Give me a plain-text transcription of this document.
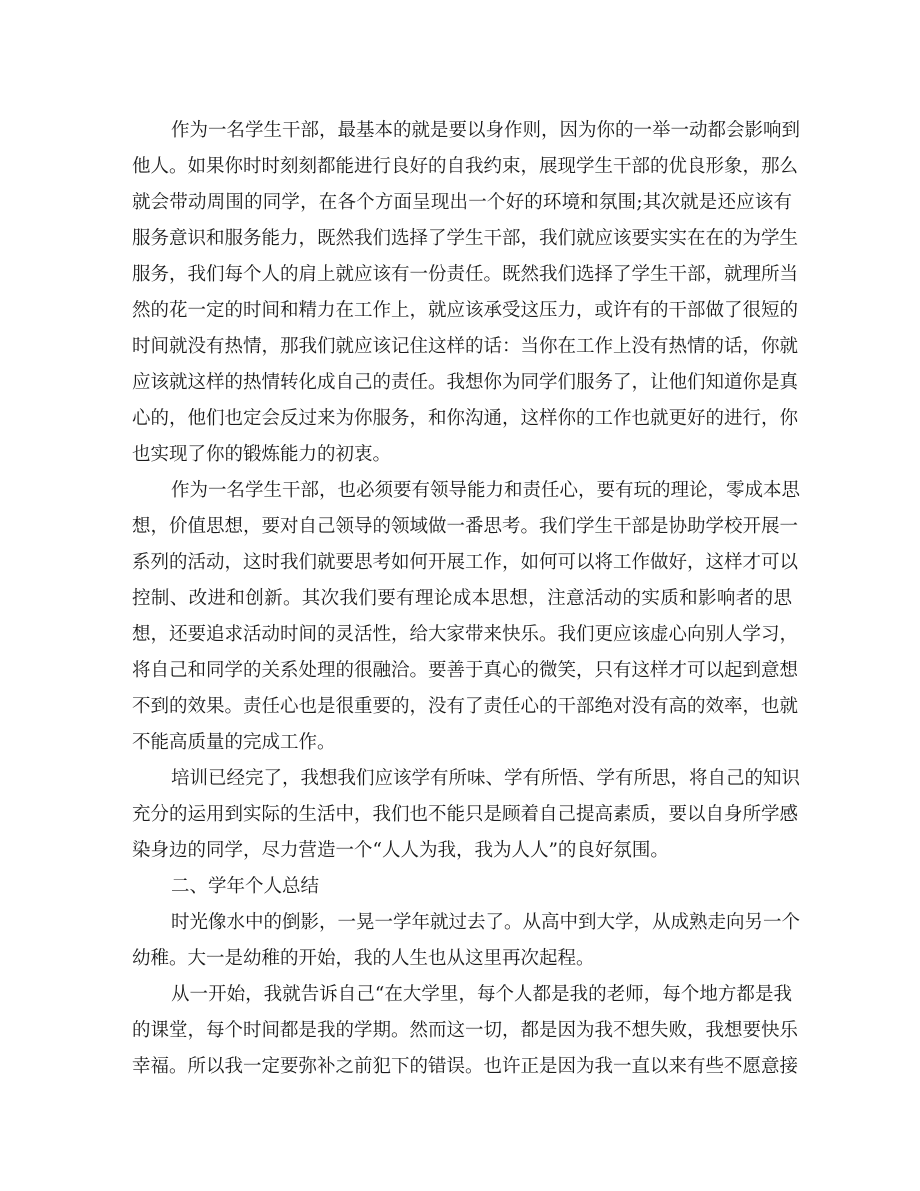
作为一名学生干部，最基本的就是要以身作则，因为你的一举一动都会影响到

他人。如果你时时刻刻都能进行良好的自我约束，展现学生干部的优良形象，那么

就会带动周围的同学，在各个方面呈现出一个好的环境和氛围;其次就是还应该有

服务意识和服务能力，既然我们选择了学生干部，我们就应该要实实在在的为学生

服务，我们每个人的肩上就应该有一份责任。既然我们选择了学生干部，就理所当

然的花一定的时间和精力在工作上，就应该承受这压力，或许有的干部做了很短的

时间就没有热情，那我们就应该记住这样的话：当你在工作上没有热情的话，你就

应该就这样的热情转化成自己的责任。我想你为同学们服务了，让他们知道你是真

心的，他们也定会反过来为你服务，和你沟通，这样你的工作也就更好的进行，你

也实现了你的锻炼能力的初衷。

作为一名学生干部，也必须要有领导能力和责任心，要有玩的理论，零成本思

想，价值思想，要对自己领导的领域做一番思考。我们学生干部是协助学校开展一

系列的活动，这时我们就要思考如何开展工作，如何可以将工作做好，这样才可以

控制、改进和创新。其次我们要有理论成本思想，注意活动的实质和影响者的思

想，还要追求活动时间的灵活性，给大家带来快乐。我们更应该虚心向别人学习，

将自己和同学的关系处理的很融洽。要善于真心的微笑，只有这样才可以起到意想

不到的效果。责任心也是很重要的，没有了责任心的干部绝对没有高的效率，也就

不能高质量的完成工作。

培训已经完了，我想我们应该学有所味、学有所悟、学有所思，将自己的知识

充分的运用到实际的生活中，我们也不能只是顾着自己提高素质，要以自身所学感

染身边的同学，尽力营造一个“人人为我，我为人人”的良好氛围。

二、学年个人总结

时光像水中的倒影，一晃一学年就过去了。从高中到大学，从成熟走向另一个

幼稚。大一是幼稚的开始，我的人生也从这里再次起程。

从一开始，我就告诉自己“在大学里，每个人都是我的老师，每个地方都是我

的课堂，每个时间都是我的学期。然而这一切，都是因为我不想失败，我想要快乐

幸福。所以我一定要弥补之前犯下的错误。也许正是因为我一直以来有些不愿意接
